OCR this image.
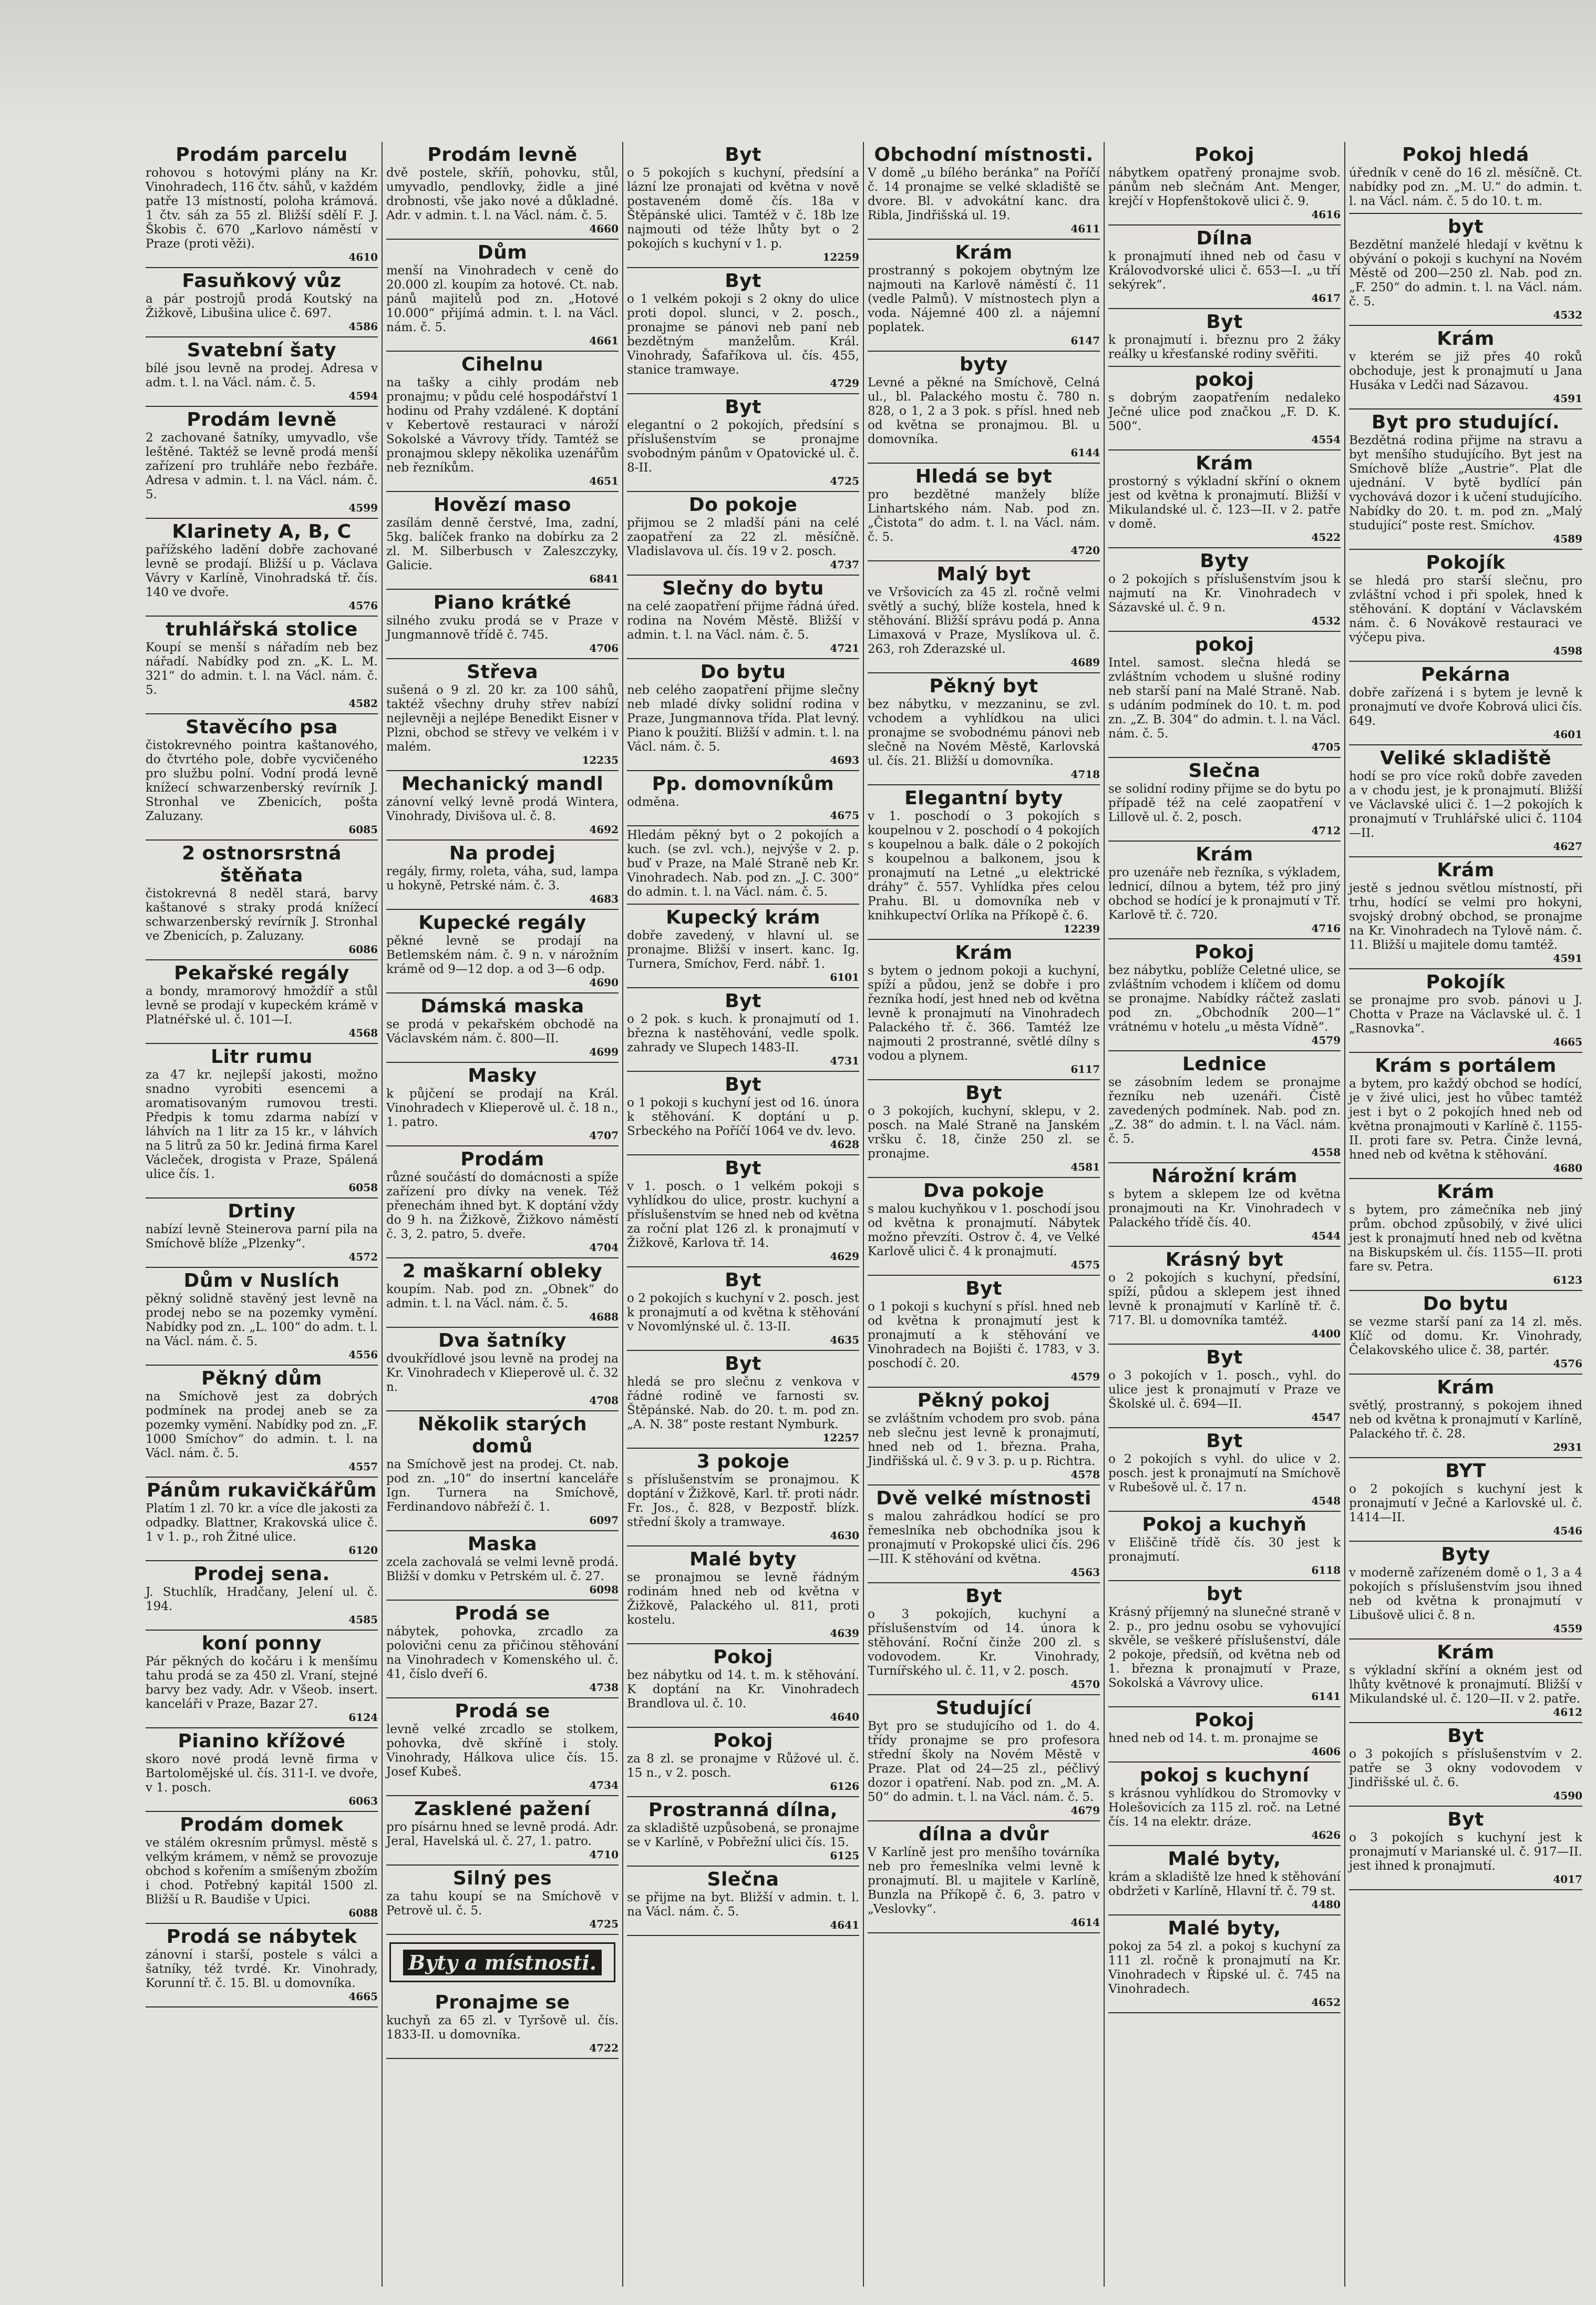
Prodám parcelu
rohovou s hotovými plány na Kr. Vinohradech, 116 čtv. sáhů, v každém patře 13 místností, poloha krámová. 1 čtv. sáh za 55 zl. Bližší sdělí F. J. Škobis č. 670 „Karlovo náměstí v Praze (proti věži).
4610
Fasuňkový vůz
a pár postrojů prodá Koutský na Žižkově, Libušina ulice č. 697.
4586
Svatební šaty
bílé jsou levně na prodej. Adresa v adm. t. l. na Václ. nám. č. 5.
4594
Prodám levně
2 zachované šatníky, umyvadlo, vše leštěné. Taktéž se levně prodá menší zařízení pro truhláře nebo řezbáře. Adresa v admin. t. l. na Václ. nám. č. 5.
4599
Klarinety A, B, C
pařížského ladění dobře zachované levně se prodají. Bližší u p. Václava Vávry v Karlíně, Vinohradská tř. čís. 140 ve dvoře.
4576
truhlářská stolice
Koupí se menší s nářadím neb bez nářadí. Nabídky pod zn. „K. L. M. 321“ do admin. t. l. na Václ. nám. č. 5.
4582
Stavěcího psa
čistokrevného pointra kaštanového, do čtvrtého pole, dobře vycvičeného pro službu polní. Vodní prodá levně knížecí schwarzenberský revírník J. Stronhal ve Zbenicích, pošta Zaluzany.
6085
2 ostnorsrstná štěňata
čistokrevná 8 neděl stará, barvy kaštanové s straky prodá knížecí schwarzenberský revírník J. Stronhal ve Zbenicích, p. Zaluzany.
6086
Pekařské regály
a bondy, mramorový hmoždíř a stůl levně se prodají v kupeckém krámě v Platnéřské ul. č. 101—I.
4568
Litr rumu
za 47 kr. nejlepší jakosti, možno snadno vyrobiti esencemi a aromatisovaným rumovou tresti. Předpis k tomu zdarma nabízí v láhvích na 1 litr za 15 kr., v láhvích na 5 litrů za 50 kr. Jediná firma Karel Václeček, drogista v Praze, Spálená ulice čís. 1.
6058
Drtiny
nabízí levně Steinerova parní pila na Smíchově blíže „Plzenky“.
4572
Dům v Nuslích
pěkný solidně stavěný jest levně na prodej nebo se na pozemky vymění. Nabídky pod zn. „L. 100“ do adm. t. l. na Václ. nám. č. 5.
4556
Pěkný dům
na Smíchově jest za dobrých podmínek na prodej aneb se za pozemky vymění. Nabídky pod zn. „F. 1000 Smíchov“ do admin. t. l. na Václ. nám. č. 5.
4557
Pánům rukavičkářům
Platím 1 zl. 70 kr. a více dle jakosti za odpadky. Blattner, Krakovská ulice č. 1 v 1. p., roh Žitné ulice.
6120
Prodej sena.
J. Stuchlík, Hradčany, Jelení ul. č. 194.
4585
koní ponny
Pár pěkných do kočáru i k menšímu tahu prodá se za 450 zl. Vraní, stejné barvy bez vady. Adr. v Všeob. insert. kanceláři v Praze, Bazar 27.
6124
Pianino křížové
skoro nové prodá levně firma v Bartolomějské ul. čís. 311-I. ve dvoře, v 1. posch.
6063
Prodám domek
ve stálém okresním průmysl. městě s velkým krámem, v němž se provozuje obchod s kořením a smíšeným zbožím i chod. Potřebný kapitál 1500 zl. Bližší u R. Baudiše v Upici.
6088
Prodá se nábytek
zánovní i starší, postele s válci a šatníky, též tvrdé. Kr. Vinohrady, Korunní tř. č. 15. Bl. u domovníka.
4665
Prodám levně
dvě postele, skříň, pohovku, stůl, umyvadlo, pendlovky, židle a jiné drobnosti, vše jako nové a důkladné. Adr. v admin. t. l. na Václ. nám. č. 5.
4660
Dům
menší na Vinohradech v ceně do 20.000 zl. koupím za hotové. Ct. nab. pánů majitelů pod zn. „Hotové 10.000“ přijímá admin. t. l. na Václ. nám. č. 5.
4661
Cihelnu
na tašky a cihly prodám neb pronajmu; v půdu celé hospodářství 1 hodinu od Prahy vzdálené. K doptání v Kebertově restauraci v nároží Sokolské a Vávrovy třídy. Tamtéž se pronajmou sklepy několika uzenářům neb řezníkům.
4651
Hovězí maso
zasílám denně čerstvé, Ima, zadní, 5kg. balíček franko na dobírku za 2 zl. M. Silberbusch v Zaleszczyky, Galicie.
6841
Piano krátké
silného zvuku prodá se v Praze v Jungmannově třídě č. 745.
4706
Střeva
sušená o 9 zl. 20 kr. za 100 sáhů, taktéž všechny druhy střev nabízí nejlevněji a nejlépe Benedikt Eisner v Plzni, obchod se střevy ve velkém i v malém.
12235
Mechanický mandl
zánovní velký levně prodá Wintera, Vinohrady, Divišova ul. č. 8.
4692
Na prodej
regály, firmy, roleta, váha, sud, lampa u hokyně, Petrské nám. č. 3.
4683
Kupecké regály
pěkné levně se prodají na Betlemském nám. č. 9 n. v nárožním krámě od 9—12 dop. a od 3—6 odp.
4690
Dámská maska
se prodá v pekařském obchodě na Václavském nám. č. 800—II.
4699
Masky
k půjčení se prodají na Král. Vinohradech v Klieperově ul. č. 18 n., 1. patro.
4707
Prodám
různé součástí do domácnosti a spíže zařízení pro dívky na venek. Též přenechám ihned byt. K doptání vždy do 9 h. na Žižkově, Žižkovo náměstí č. 3, 2. patro, 5. dveře.
4704
2 maškarní obleky
koupím. Nab. pod zn. „Obnek“ do admin. t. l. na Václ. nám. č. 5.
4688
Dva šatníky
dvoukřídlové jsou levně na prodej na Kr. Vinohradech v Klieperově ul. č. 32 n.
4708
Několik starých domů
na Smíchově jest na prodej. Ct. nab. pod zn. „10“ do insertní kanceláře Ign. Turnera na Smíchově, Ferdinandovo nábřeží č. 1.
6097
Maska
zcela zachovalá se velmi levně prodá. Bližší v domku v Petrském ul. č. 27.
6098
Prodá se
nábytek, pohovka, zrcadlo za polovični cenu za přičinou stěhování na Vinohradech v Komenského ul. č. 41, číslo dveří 6.
4738
Prodá se
levně velké zrcadlo se stolkem, pohovka, dvě skříně i stoly. Vinohrady, Hálkova ulice čís. 15. Josef Kubeš.
4734
Zasklené pažení
pro písárnu hned se levně prodá. Adr. Jeral, Havelská ul. č. 27, 1. patro.
4710
Silný pes
za tahu koupí se na Smíchově v Petrově ul. č. 5.
4725
Byty a místnosti.
Pronajme se
kuchyň za 65 zl. v Tyršově ul. čís. 1833-II. u domovníka.
4722
Byt
o 5 pokojích s kuchyní, předsíní a lázní lze pronajati od května v nově postaveném domě čís. 18a v Štěpánské ulici. Tamtéž v č. 18b lze najmouti od téže lhůty byt o 2 pokojích s kuchyní v 1. p.
12259
Byt
o 1 velkém pokoji s 2 okny do ulice proti dopol. slunci, v 2. posch., pronajme se pánovi neb paní neb bezdětným manželům. Král. Vinohrady, Šafaříkova ul. čís. 455, stanice tramwaye.
4729
Byt
elegantní o 2 pokojích, předsíní s příslušenstvím se pronajme svobodným pánům v Opatovické ul. č. 8-II.
4725
Do pokoje
přijmou se 2 mladší páni na celé zaopatření za 22 zl. měsíčně. Vladislavova ul. čís. 19 v 2. posch.
4737
Slečny do bytu
na celé zaopatření přijme řádná úřed. rodina na Novém Městě. Bližší v admin. t. l. na Václ. nám. č. 5.
4721
Do bytu
neb celého zaopatření přijme slečny neb mladé dívky solidní rodina v Praze, Jungmannova třída. Plat levný. Piano k použití. Bližší v admin. t. l. na Václ. nám. č. 5.
4693
Pp. domovníkům
odměna.
4675
Hledám pěkný byt o 2 pokojích a kuch. (se zvl. vch.), nejvýše v 2. p. buď v Praze, na Malé Straně neb Kr. Vinohradech. Nab. pod zn. „J. C. 300“ do admin. t. l. na Václ. nám. č. 5.
Kupecký krám
dobře zavedený, v hlavní ul. se pronajme. Bližší v insert. kanc. Ig. Turnera, Smíchov, Ferd. nábř. 1.
6101
Byt
o 2 pok. s kuch. k pronajmutí od 1. března k nastěhování, vedle spolk. zahrady ve Slupech 1483-II.
4731
Byt
o 1 pokoji s kuchyní jest od 16. února k stěhování. K doptání u p. Srbeckého na Poříčí 1064 ve dv. levo.
4628
Byt
v 1. posch. o 1 velkém pokoji s vyhlídkou do ulice, prostr. kuchyní a příslušenstvím se hned neb od května za roční plat 126 zl. k pronajmutí v Žižkově, Karlova tř. 14.
4629
Byt
o 2 pokojích s kuchyní v 2. posch. jest k pronajmutí a od května k stěhování v Novomlýnské ul. č. 13-II.
4635
Byt
hledá se pro slečnu z venkova v řádné rodině ve farnosti sv. Štěpánské. Nab. do 20. t. m. pod zn. „A. N. 38“ poste restant Nymburk.
12257
3 pokoje
s příslušenstvím se pronajmou. K doptání v Žižkově, Karl. tř. proti nádr. Fr. Jos., č. 828, v Bezpostř. blízk. střední školy a tramwaye.
4630
Malé byty
se pronajmou se levně řádným rodinám hned neb od května v Žižkově, Palackého ul. 811, proti kostelu.
4639
Pokoj
bez nábytku od 14. t. m. k stěhování. K doptání na Kr. Vinohradech Brandlova ul. č. 10.
4640
Pokoj
za 8 zl. se pronajme v Růžové ul. č. 15 n., v 2. posch.
6126
Prostranná dílna,
za skladiště uzpůsobená, se pronajme se v Karlíně, v Pobřežní ulici čís. 15.
6125
Slečna
se přijme na byt. Bližší v admin. t. l. na Václ. nám. č. 5.
4641
Obchodní místnosti.
V domě „u bílého beránka“ na Poříčí č. 14 pronajme se velké skladiště se dvore. Bl. v advokátní kanc. dra Ribla, Jindřišská ul. 19.
4611
Krám
prostranný s pokojem obytným lze najmouti na Karlově náměstí č. 11 (vedle Palmů). V místnostech plyn a voda. Nájemné 400 zl. a nájemní poplatek.
6147
byty
Levné a pěkné na Smíchově, Celná ul., bl. Palackého mostu č. 780 n. 828, o 1, 2 a 3 pok. s přísl. hned neb od května se pronajmou. Bl. u domovníka.
6144
Hledá se byt
pro bezdětné manžely blíže Linhartského nám. Nab. pod zn. „Čistota“ do adm. t. l. na Václ. nám. č. 5.
4720
Malý byt
ve Vršovicích za 45 zl. ročně velmi světlý a suchý, blíže kostela, hned k stěhování. Bližší správu podá p. Anna Limaxová v Praze, Myslíkova ul. č. 263, roh Zderazské ul.
4689
Pěkný byt
bez nábytku, v mezzaninu, se zvl. vchodem a vyhlídkou na ulici pronajme se svobodnému pánovi neb slečně na Novém Městě, Karlovská ul. čís. 21. Bližší u domovníka.
4718
Elegantní byty
v 1. poschodí o 3 pokojích s koupelnou v 2. poschodí o 4 pokojích s koupelnou a balk. dále o 2 pokojích s koupelnou a balkonem, jsou k pronajmutí na Letné „u elektrické dráhy“ č. 557. Vyhlídka přes celou Prahu. Bl. u domovníka neb v knihkupectví Orlíka na Příkopě č. 6.
12239
Krám
s bytem o jednom pokoji a kuchyní, spíží a půdou, jenž se dobře i pro řezníka hodí, jest hned neb od května levně k pronajmutí na Vinohradech Palackého tř. č. 366. Tamtéž lze najmouti 2 prostranné, světlé dílny s vodou a plynem.
6117
Byt
o 3 pokojích, kuchyní, sklepu, v 2. posch. na Malé Straně na Janském vršku č. 18, činže 250 zl. se pronajme.
4581
Dva pokoje
s malou kuchyňkou v 1. poschodí jsou od května k pronajmutí. Nábytek možno převzíti. Ostrov č. 4, ve Velké Karlově ulici č. 4 k pronajmutí.
4575
Byt
o 1 pokoji s kuchyní s přísl. hned neb od května k pronajmutí jest k pronajmutí a k stěhování ve Vinohradech na Bojišti č. 1783, v 3. poschodí č. 20.
4579
Pěkný pokoj
se zvláštním vchodem pro svob. pána neb slečnu jest levně k pronajmutí, hned neb od 1. března. Praha, Jindřišská ul. č. 9 v 3. p. u p. Richtra.
4578
Dvě velké místnosti
s malou zahrádkou hodící se pro řemeslníka neb obchodníka jsou k pronajmutí v Prokopské ulici čís. 296—III. K stěhování od května.
4563
Byt
o 3 pokojích, kuchyní a příslušenstvím od 14. února k stěhování. Roční činže 200 zl. s vodovodem. Kr. Vinohrady, Turnířského ul. č. 11, v 2. posch.
4570
Studující
Byt pro se studujícího od 1. do 4. třídy pronajme se pro profesora střední školy na Novém Městě v Praze. Plat od 24—25 zl., péčlivý dozor i opatření. Nab. pod zn. „M. A. 50“ do admin. t. l. na Václ. nám. č. 5.
4679
dílna a dvůr
V Karlíně jest pro menšího továrníka neb pro řemeslníka velmi levně k pronajmutí. Bl. u majitele v Karlíně, Bunzla na Příkopě č. 6, 3. patro v „Veslovky“.
4614
Pokoj
nábytkem opatřený pronajme svob. pánům neb slečnám Ant. Menger, krejčí v Hopfenštokově ulici č. 9.
4616
Dílna
k pronajmutí ihned neb od času v Královodvorské ulici č. 653—I. „u tří sekýrek“.
4617
Byt
k pronajmutí i. březnu pro 2 žáky reálky u křesťanské rodiny svěřiti.
pokoj
s dobrým zaopatřením nedaleko Ječné ulice pod značkou „F. D. K. 500“.
4554
Krám
prostorný s výkladní skříní o oknem jest od května k pronajmutí. Bližší v Mikulandské ul. č. 123—II. v 2. patře v domě.
4522
Byty
o 2 pokojích s příslušenstvím jsou k najmutí na Kr. Vinohradech v Sázavské ul. č. 9 n.
4532
pokoj
Intel. samost. slečna hledá se zvláštním vchodem u slušné rodiny neb starší paní na Malé Straně. Nab. s udáním podmínek do 10. t. m. pod zn. „Z. B. 304“ do admin. t. l. na Václ. nám. č. 5.
4705
Slečna
se solidní rodiny přijme se do bytu po případě též na celé zaopatření v Lillově ul. č. 2, posch.
4712
Krám
pro uzenáře neb řezníka, s výkladem, lednicí, dílnou a bytem, též pro jiný obchod se hodící je k pronajmutí v Tř. Karlově tř. č. 720.
4716
Pokoj
bez nábytku, poblíže Celetné ulice, se zvláštním vchodem i klíčem od domu se pronajme. Nabídky ráčtež zaslati pod zn. „Obchodník 200—1“ vrátnému v hotelu „u města Vídně“.
4579
Lednice
se zásobním ledem se pronajme řezníku neb uzenáři. Čistě zavedených podmínek. Nab. pod zn. „Z. 38“ do admin. t. l. na Václ. nám. č. 5.
4558
Nárožní krám
s bytem a sklepem lze od května pronajmouti na Kr. Vinohradech v Palackého třídě čís. 40.
4544
Krásný byt
o 2 pokojích s kuchyní, předsíní, spíží, půdou a sklepem jest ihned levně k pronajmutí v Karlíně tř. č. 717. Bl. u domovníka tamtéž.
4400
Byt
o 3 pokojích v 1. posch., vyhl. do ulice jest k pronajmutí v Praze ve Školské ul. č. 694—II.
4547
Byt
o 2 pokojích s vyhl. do ulice v 2. posch. jest k pronajmutí na Smíchově v Rubešově ul. č. 17 n.
4548
Pokoj a kuchyň
v Eliščině třídě čís. 30 jest k pronajmutí.
6118
byt
Krásný příjemný na slunečné straně v 2. p., pro jednu osobu se vyhovující skvěle, se veškeré příslušenství, dále 2 pokoje, předsíň, od května neb od 1. března k pronajmutí v Praze, Sokolská a Vávrovy ulice.
6141
Pokoj
hned neb od 14. t. m. pronajme se
4606
pokoj s kuchyní
s krásnou vyhlídkou do Stromovky v Holešovicích za 115 zl. roč. na Letné čís. 14 na elektr. dráze.
4626
Malé byty,
krám a skladiště lze hned k stěhování obdržeti v Karlíně, Hlavní tř. č. 79 st.
4480
Malé byty,
pokoj za 54 zl. a pokoj s kuchyní za 111 zl. ročně k pronajmutí na Kr. Vinohradech v Řipské ul. č. 745 na Vinohradech.
4652
Pokoj hledá
úředník v ceně do 16 zl. měsíčně. Ct. nabídky pod zn. „M. U.“ do admin. t. l. na Václ. nám. č. 5 do 10. t. m.
byt
Bezdětní manželé hledají v květnu k obývání o pokoji s kuchyní na Novém Městě od 200—250 zl. Nab. pod zn. „F. 250“ do admin. t. l. na Václ. nám. č. 5.
4532
Krám
v kterém se již přes 40 roků obchoduje, jest k pronajmutí u Jana Husáka v Ledči nad Sázavou.
4591
Byt pro studující.
Bezdětná rodina přijme na stravu a byt menšího studujícího. Byt jest na Smíchově blíže „Austrie“. Plat dle ujednání. V bytě bydlící pán vychovává dozor i k učení studujícího. Nabídky do 20. t. m. pod zn. „Malý studující“ poste rest. Smíchov.
4589
Pokojík
se hledá pro starší slečnu, pro zvláštní vchod i při spolek, hned k stěhování. K doptání v Václavském nám. č. 6 Novákově restauraci ve výčepu piva.
4598
Pekárna
dobře zařízená i s bytem je levně k pronajmutí ve dvoře Kobrová ulici čís. 649.
4601
Veliké skladiště
hodí se pro více roků dobře zaveden a v chodu jest, je k pronajmutí. Bližší ve Václavské ulici č. 1—2 pokojích k pronajmutí v Truhlářské ulici č. 1104—II.
4627
Krám
jestě s jednou světlou místností, při trhu, hodící se velmi pro hokyni, svojský drobný obchod, se pronajme na Kr. Vinohradech na Tylově nám. č. 11. Bližší u majitele domu tamtéž.
4591
Pokojík
se pronajme pro svob. pánovi u J. Chotta v Praze na Václavské ul. č. 1 „Rasnovka“.
4665
Krám s portálem
a bytem, pro každý obchod se hodící, je v živé ulici, jest ho vůbec tamtéž jest i byt o 2 pokojích hned neb od května pronajmouti v Karlíně č. 1155-II. proti fare sv. Petra. Činže levná, hned neb od května k stěhování.
4680
Krám
s bytem, pro zámečníka neb jiný prům. obchod způsobilý, v živé ulici jest k pronajmutí hned neb od května na Biskupském ul. čís. 1155—II. proti fare sv. Petra.
6123
Do bytu
se vezme starší paní za 14 zl. měs. Klíč od domu. Kr. Vinohrady, Čelakovského ulice č. 38, partér.
4576
Krám
světlý, prostranný, s pokojem ihned neb od května k pronajmutí v Karlíně, Palackého tř. č. 28.
2931
BYT
o 2 pokojích s kuchyní jest k pronajmutí v Ječné a Karlovské ul. č. 1414—II.
4546
Byty
v moderně zařízeném domě o 1, 3 a 4 pokojích s příslušenstvím jsou ihned neb od května k pronajmutí v Libušově ulici č. 8 n.
4559
Krám
s výkladní skříní a okném jest od lhůty květnové k pronajmutí. Bližší v Mikulandské ul. č. 120—II. v 2. patře.
4612
Byt
o 3 pokojích s příslušenstvím v 2. patře se 3 okny vodovodem v Jindřišské ul. č. 6.
4590
Byt
o 3 pokojích s kuchyní jest k pronajmutí v Marianské ul. č. 917—II. jest ihned k pronajmutí.
4017
